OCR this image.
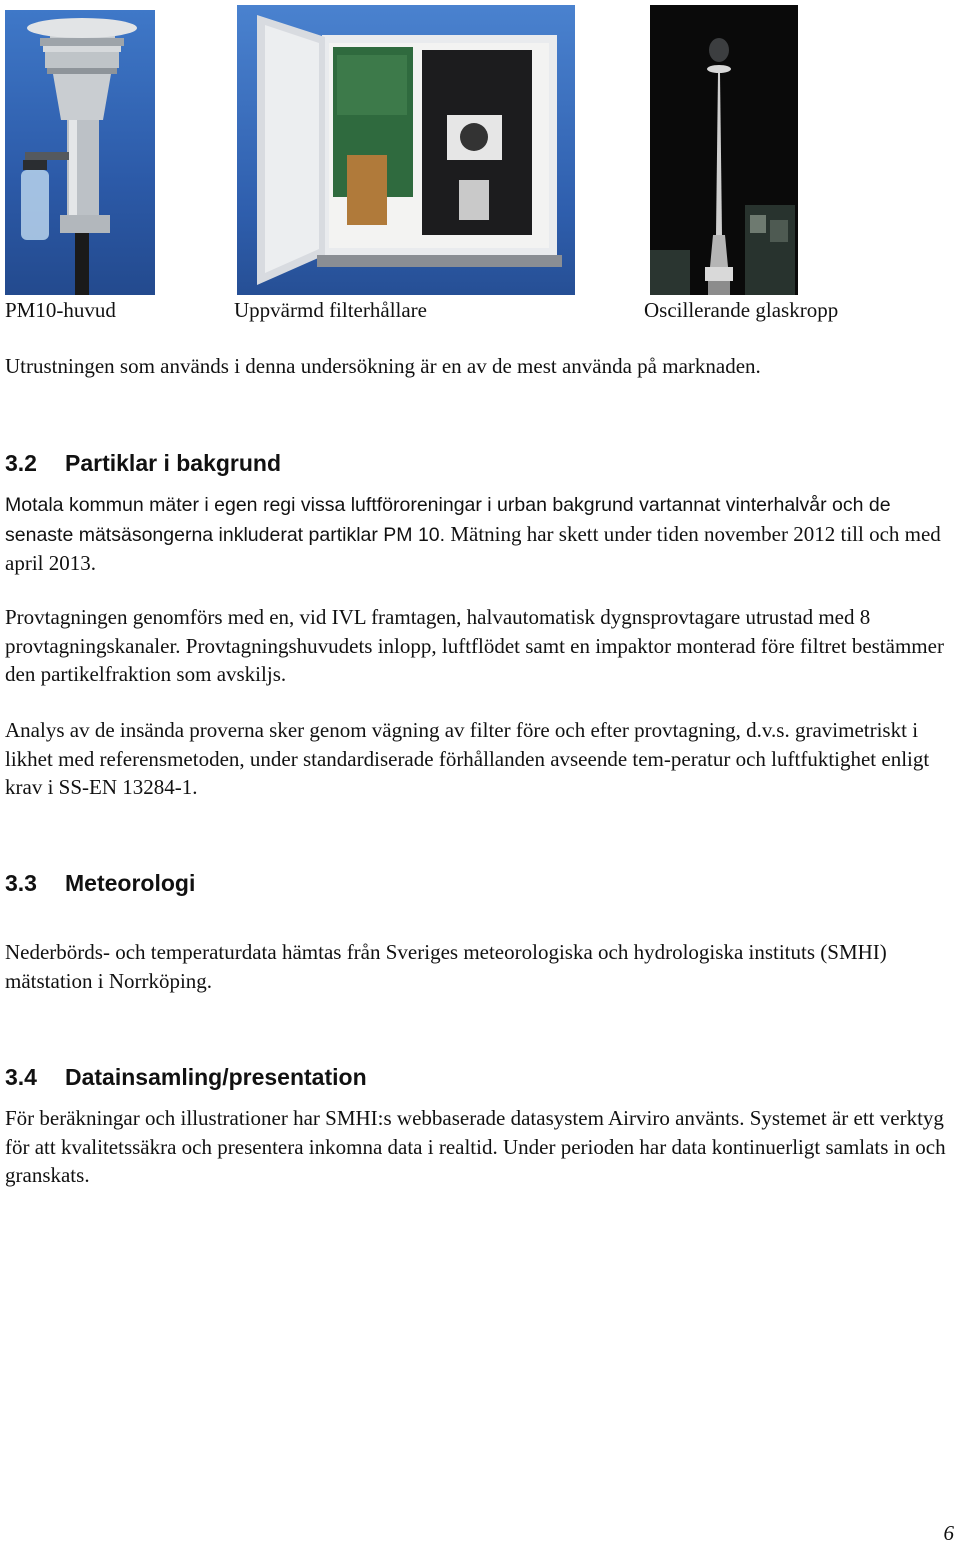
PM10-huvud	Uppvärmd filterhållare	Oscillerande glaskropp

Utrustningen som används i denna undersökning är en av de mest använda på marknaden.

3.2 Partiklar i bakgrund

Motala kommun mäter i egen regi vissa luftföroreningar i urban bakgrund vartannat vinterhalvår och de senaste mätsäsongerna inkluderat partiklar PM 10. Mätning har skett under tiden november 2012 till och med april 2013.

Provtagningen genomförs med en, vid IVL framtagen, halvautomatisk dygnsprovtagare utrustad med 8 provtagningskanaler. Provtagningshuvudets inlopp, luftflödet samt en impaktor monterad före filtret bestämmer den partikelfraktion som avskiljs.

Analys av de insända proverna sker genom vägning av filter före och efter provtagning, d.v.s. gravimetriskt i likhet med referensmetoden, under standardiserade förhållanden avseende tem-peratur och luftfuktighet enligt krav i SS-EN 13284-1.

3.3 Meteorologi

Nederbörds- och temperaturdata hämtas från Sveriges meteorologiska och hydrologiska instituts (SMHI) mätstation i Norrköping.

3.4 Datainsamling/presentation

För beräkningar och illustrationer har SMHI:s webbaserade datasystem Airviro använts. Systemet är ett verktyg för att kvalitetssäkra och presentera inkomna data i realtid. Under perioden har data kontinuerligt samlats in och granskats.

6
